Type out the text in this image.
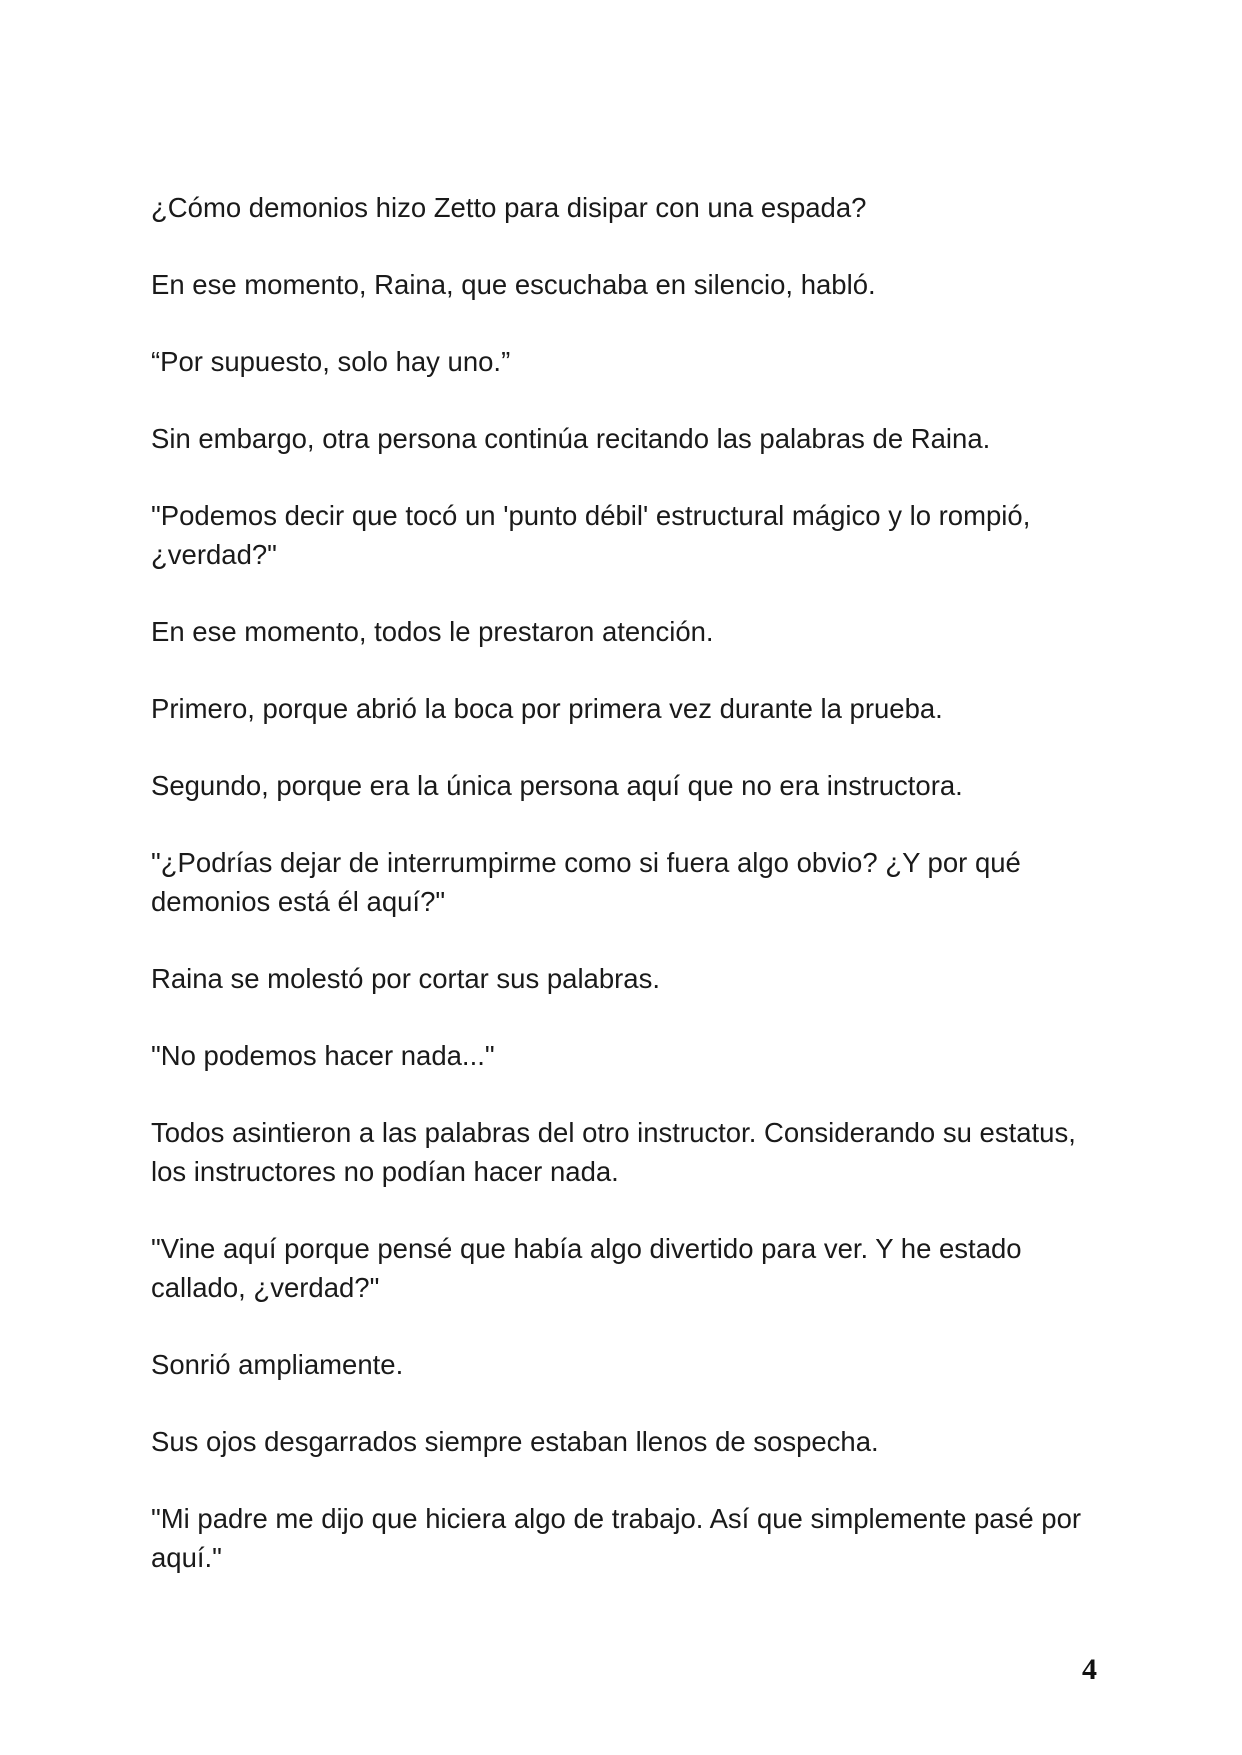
¿Cómo demonios hizo Zetto para disipar con una espada?

En ese momento, Raina, que escuchaba en silencio, habló.

“Por supuesto, solo hay uno.”

Sin embargo, otra persona continúa recitando las palabras de Raina.

"Podemos decir que tocó un 'punto débil' estructural mágico y lo rompió, ¿verdad?"

En ese momento, todos le prestaron atención.

Primero, porque abrió la boca por primera vez durante la prueba.

Segundo, porque era la única persona aquí que no era instructora.

"¿Podrías dejar de interrumpirme como si fuera algo obvio? ¿Y por qué demonios está él aquí?"

Raina se molestó por cortar sus palabras.

"No podemos hacer nada..."

Todos asintieron a las palabras del otro instructor. Considerando su estatus, los instructores no podían hacer nada.

"Vine aquí porque pensé que había algo divertido para ver. Y he estado callado, ¿verdad?"

Sonrió ampliamente.

Sus ojos desgarrados siempre estaban llenos de sospecha.

"Mi padre me dijo que hiciera algo de trabajo. Así que simplemente pasé por aquí."

4
